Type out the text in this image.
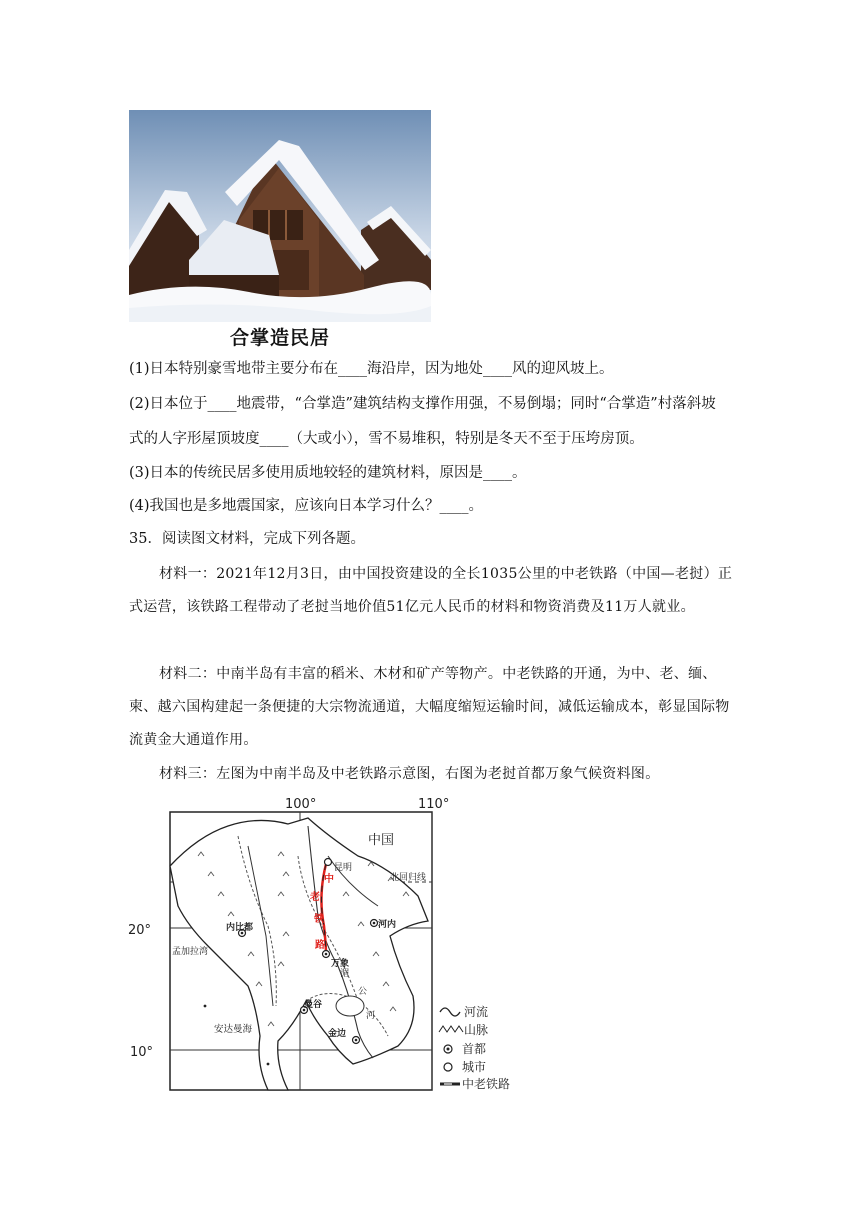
合掌造民居
(1)日本特别豪雪地带主要分布在____海沿岸，因为地处____风的迎风坡上。
(2)日本位于____地震带，“合掌造”建筑结构支撑作用强，不易倒塌；同时“合掌造”村落斜坡
式的人字形屋顶坡度____（大或小），雪不易堆积，特别是冬天不至于压垮房顶。
(3)日本的传统民居多使用质地较轻的建筑材料，原因是____。
(4)我国也是多地震国家，应该向日本学习什么？____。
35．阅读图文材料，完成下列各题。
材料一：2021年12月3日，由中国投资建设的全长1035公里的中老铁路（中国—老挝）正式运营，该铁路工程带动了老挝当地价值51亿元人民币的材料和物资消费及11万人就业。
材料二：中南半岛有丰富的稻米、木材和矿产等物产。中老铁路的开通，为中、老、缅、柬、越六国构建起一条便捷的大宗物流通道，大幅度缩短运输时间，减低运输成本，彰显国际物流黄金大通道作用。
材料三：左图为中南半岛及中老铁路示意图，右图为老挝首都万象气候资料图。
中
老
铁
路
100°	110°
20°
10°
中国
昆明
北回归线
内比都	河内
万象
孟加拉湾
湄
公
河
曼谷
安达曼海	金边
河流
山脉
首都
城市
中老铁路
